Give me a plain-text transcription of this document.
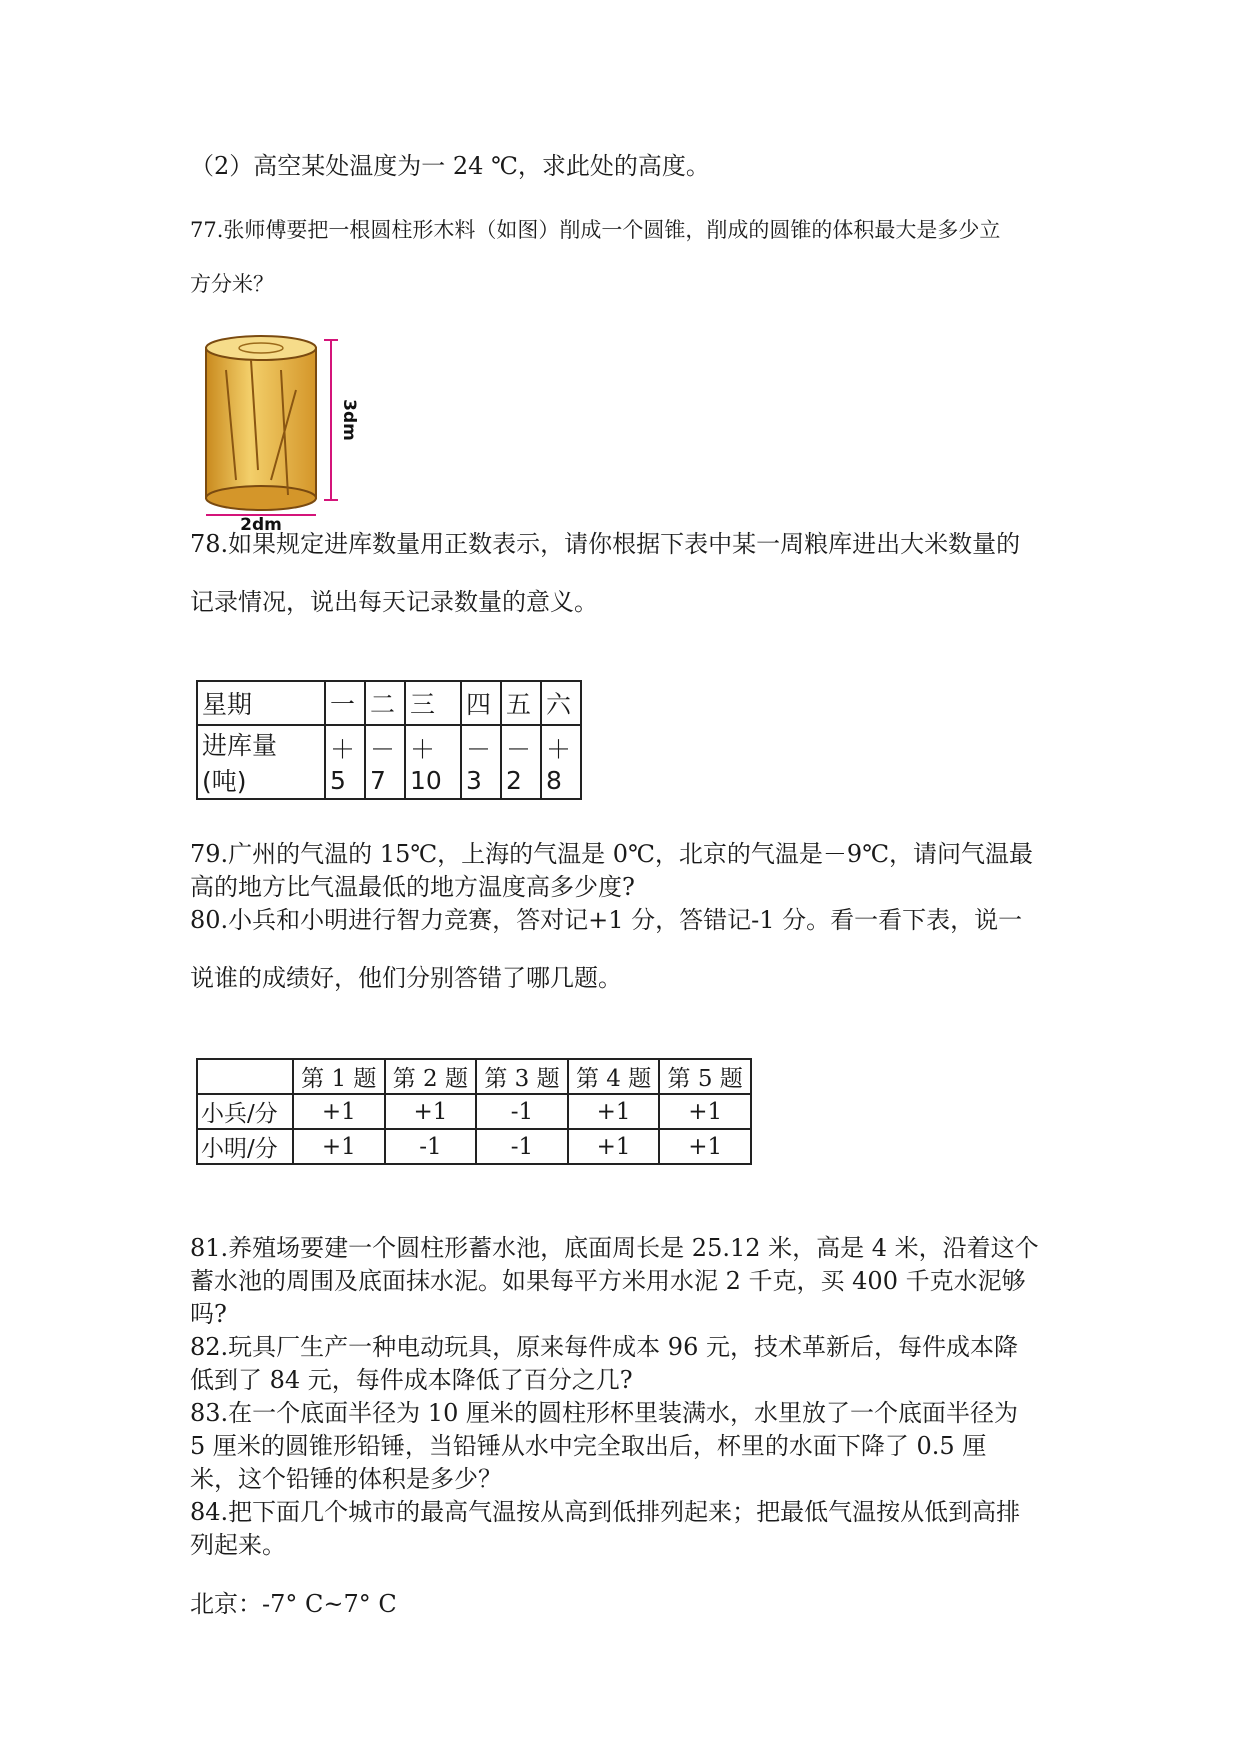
（2）高空某处温度为一 24 ℃，求此处的高度。
77.张师傅要把一根圆柱形木料（如图）削成一个圆锥，削成的圆锥的体积最大是多少立
方分米？
3dm
2dm
78.如果规定进库数量用正数表示，请你根据下表中某一周粮库进出大米数量的
记录情况，说出每天记录数量的意义。
星期	一	二	三	四	五	六
进库量(吨)	＋5	－7	＋10	－3	－2	＋8
79.广州的气温的 15℃，上海的气温是 0℃，北京的气温是－9℃，请问气温最
高的地方比气温最低的地方温度高多少度?
80.小兵和小明进行智力竞赛，答对记+1 分，答错记-1 分。看一看下表，说一
说谁的成绩好，他们分别答错了哪几题。
	第 1 题	第 2 题	第 3 题	第 4 题	第 5 题
小兵/分	+1	+1	-1	+1	+1
小明/分	+1	-1	-1	+1	+1
81.养殖场要建一个圆柱形蓄水池，底面周长是 25.12 米，高是 4 米，沿着这个
蓄水池的周围及底面抹水泥。如果每平方米用水泥 2 千克，买 400 千克水泥够
吗?
82.玩具厂生产一种电动玩具，原来每件成本 96 元，技术革新后，每件成本降
低到了 84 元，每件成本降低了百分之几?
83.在一个底面半径为 10 厘米的圆柱形杯里装满水，水里放了一个底面半径为
5 厘米的圆锥形铅锤，当铅锤从水中完全取出后，杯里的水面下降了 0.5 厘
米，这个铅锤的体积是多少？
84.把下面几个城市的最高气温按从高到低排列起来；把最低气温按从低到高排
列起来。
北京：-7° C~7° C
